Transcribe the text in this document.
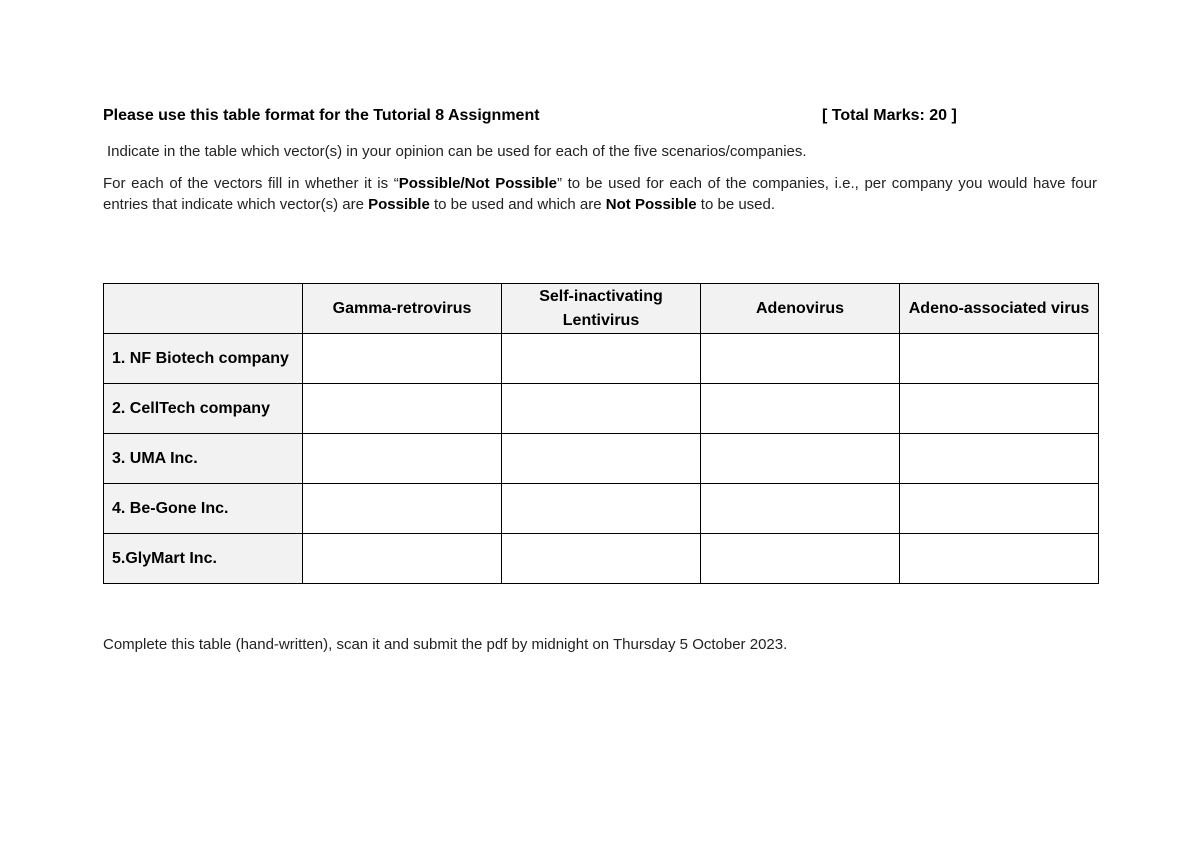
Please use this table format for the Tutorial 8 Assignment	[ Total Marks: 20 ]
Indicate in the table which vector(s) in your opinion can be used for each of the five scenarios/companies.
For each of the vectors fill in whether it is “Possible/Not Possible” to be used for each of the companies, i.e., per company you would have four entries that indicate which vector(s) are Possible to be used and which are Not Possible to be used.
	Gamma-retrovirus	Self-inactivating Lentivirus	Adenovirus	Adeno-associated virus
1. NF Biotech company				
2. CellTech company				
3. UMA Inc.				
4. Be-Gone Inc.				
5.GlyMart Inc.				
Complete this table (hand-written), scan it and submit the pdf by midnight on Thursday 5 October 2023.
